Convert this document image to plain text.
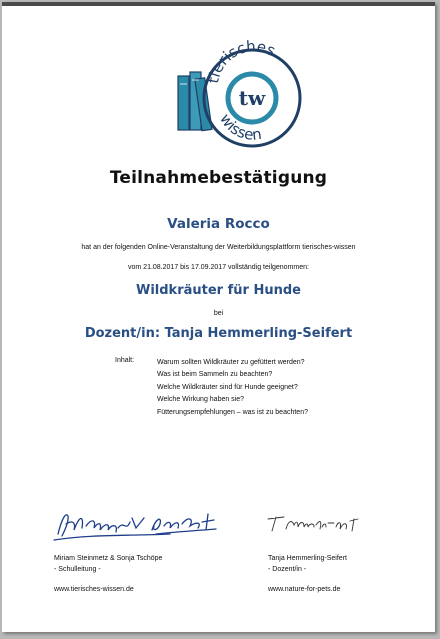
tierisches
wissen
tw
Teilnahmebestätigung
Valeria Rocco
hat an der folgenden Online-Veranstaltung der Weiterbildungsplattform tierisches-wissen
vom 21.08.2017 bis 17.09.2017 vollständig teilgenommen:
Wildkräuter für Hunde
bei
Dozent/in: Tanja Hemmerling-Seifert
Inhalt:	Warum sollten Wildkräuter zu gefüttert werden?
Was ist beim Sammeln zu beachten?
Welche Wildkräuter sind für Hunde geeignet?
Welche Wirkung haben sie?
Fütterungsempfehlungen – was ist zu beachten?
Miriam Steinmetz & Sonja Tschöpe
- Schulleitung -
www.tierisches-wissen.de
Tanja Hemmerling-Seifert
- Dozent/in -
www.nature-for-pets.de
